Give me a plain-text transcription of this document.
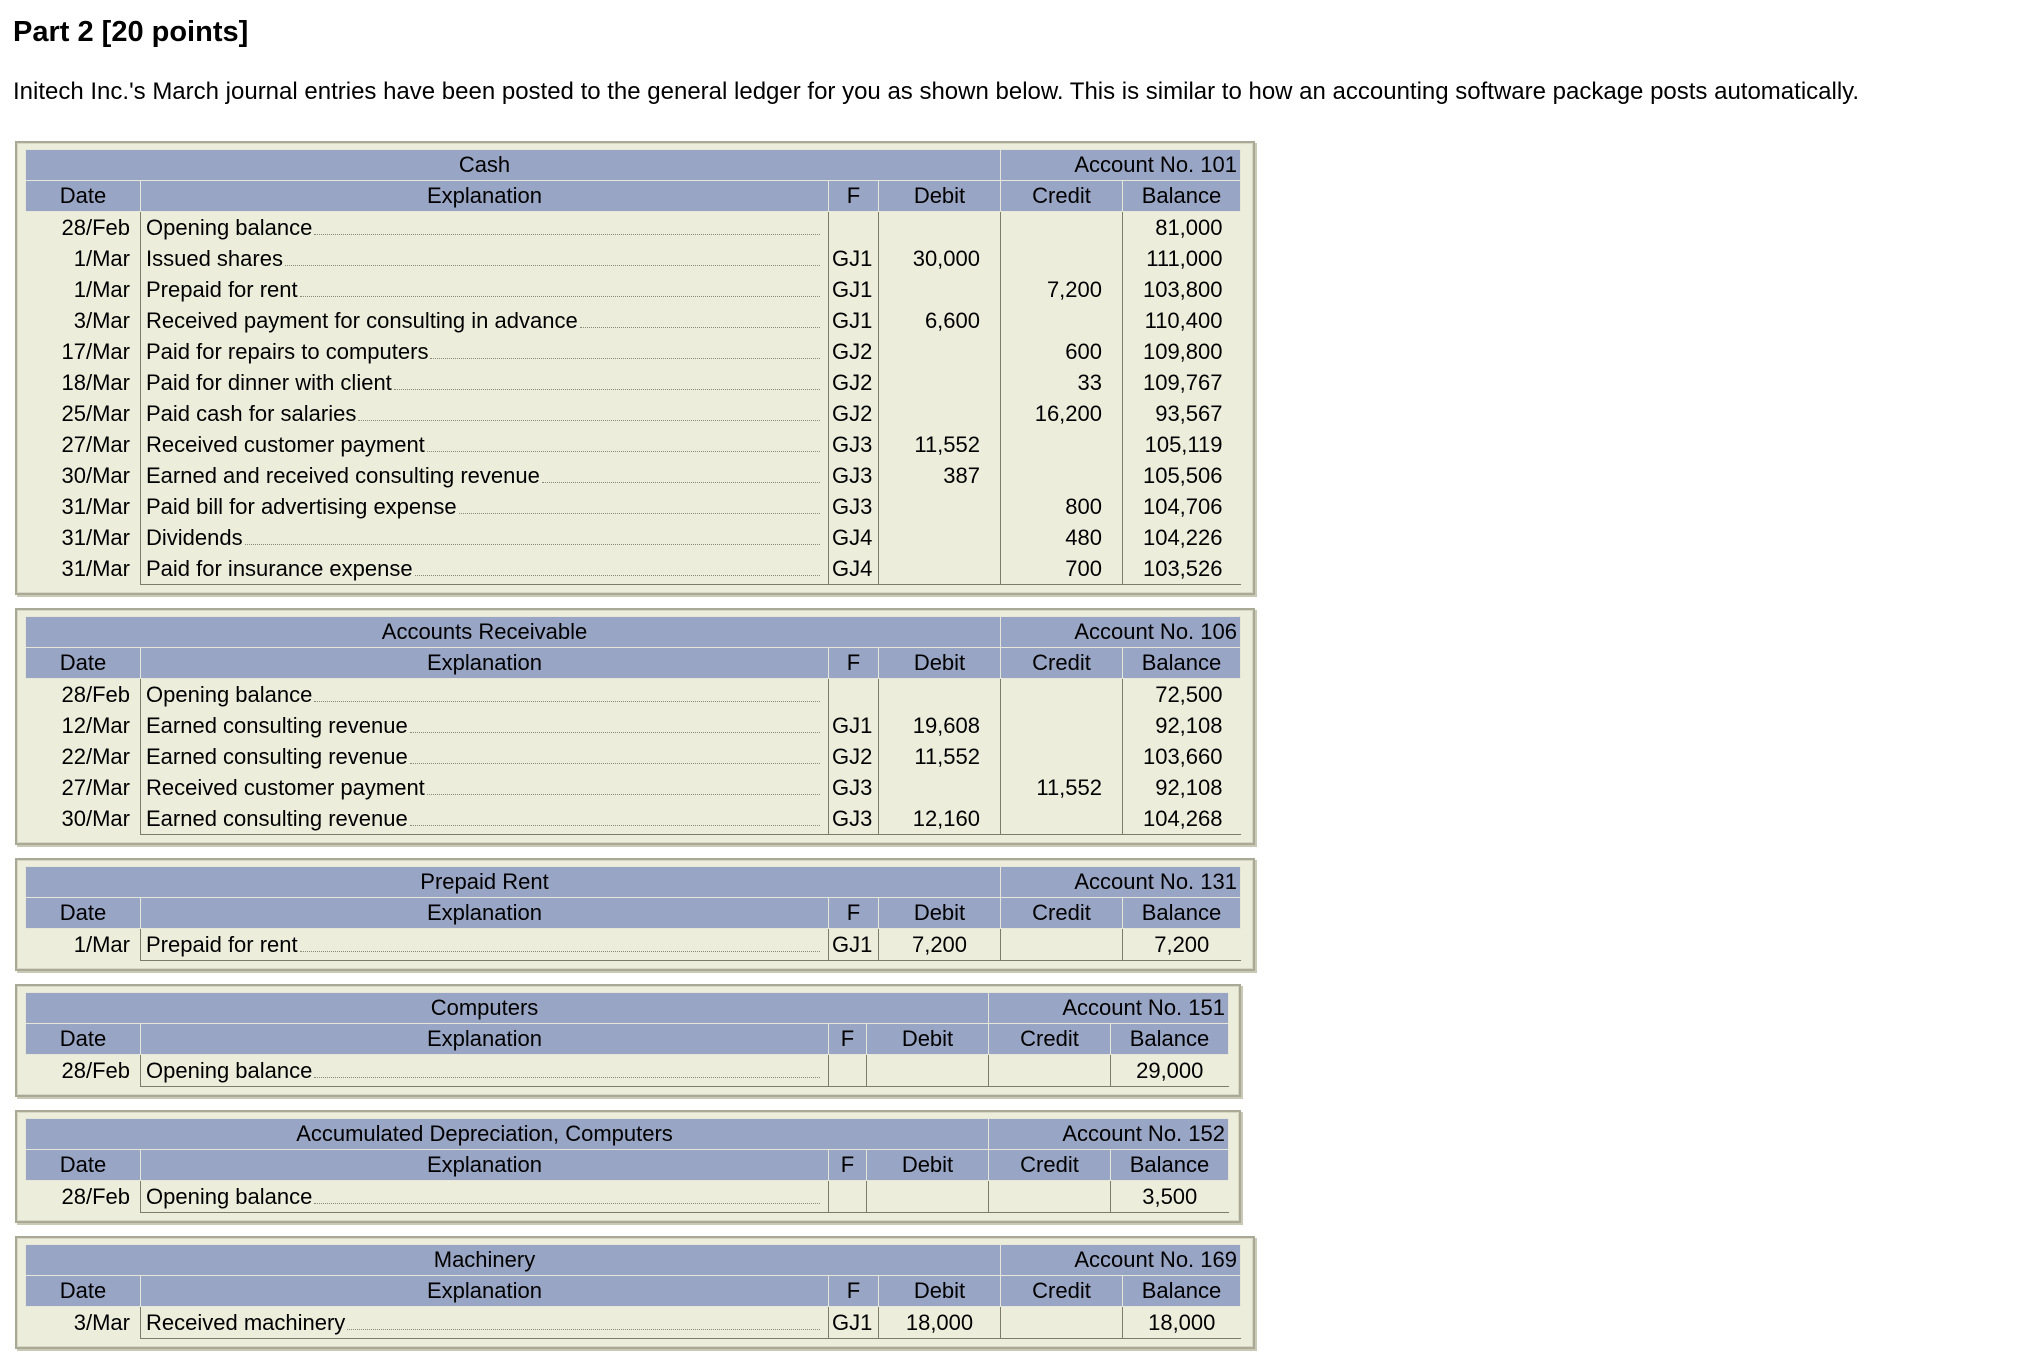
Part 2 [20 points]

Initech Inc.'s March journal entries have been posted to the general ledger for you as shown below. This is similar to how an accounting software package posts automatically.

	Cash			Account No. 101	
Date	Explanation	F	Debit	Credit	Balance
28/Feb	Opening balance				81,000
1/Mar	Issued shares	GJ1	30,000		111,000
1/Mar	Prepaid for rent	GJ1		7,200	103,800
3/Mar	Received payment for consulting in advance	GJ1	6,600		110,400
17/Mar	Paid for repairs to computers	GJ2		600	109,800
18/Mar	Paid for dinner with client	GJ2		33	109,767
25/Mar	Paid cash for salaries	GJ2		16,200	93,567
27/Mar	Received customer payment	GJ3	11,552		105,119
30/Mar	Earned and received consulting revenue	GJ3	387		105,506
31/Mar	Paid bill for advertising expense	GJ3		800	104,706
31/Mar	Dividends	GJ4		480	104,226
31/Mar	Paid for insurance expense	GJ4		700	103,526
	Accounts Receivable			Account No. 106	
Date	Explanation	F	Debit	Credit	Balance
28/Feb	Opening balance				72,500
12/Mar	Earned consulting revenue	GJ1	19,608		92,108
22/Mar	Earned consulting revenue	GJ2	11,552		103,660
27/Mar	Received customer payment	GJ3		11,552	92,108
30/Mar	Earned consulting revenue	GJ3	12,160		104,268
	Prepaid Rent			Account No. 131	
Date	Explanation	F	Debit	Credit	Balance
1/Mar	Prepaid for rent	GJ1	7,200		7,200
	Computers			Account No. 151	
Date	Explanation	F	Debit	Credit	Balance
28/Feb	Opening balance				29,000
	Accumulated Depreciation, Computers			Account No. 152	
Date	Explanation	F	Debit	Credit	Balance
28/Feb	Opening balance				3,500
	Machinery			Account No. 169	
Date	Explanation	F	Debit	Credit	Balance
3/Mar	Received machinery	GJ1	18,000		18,000
